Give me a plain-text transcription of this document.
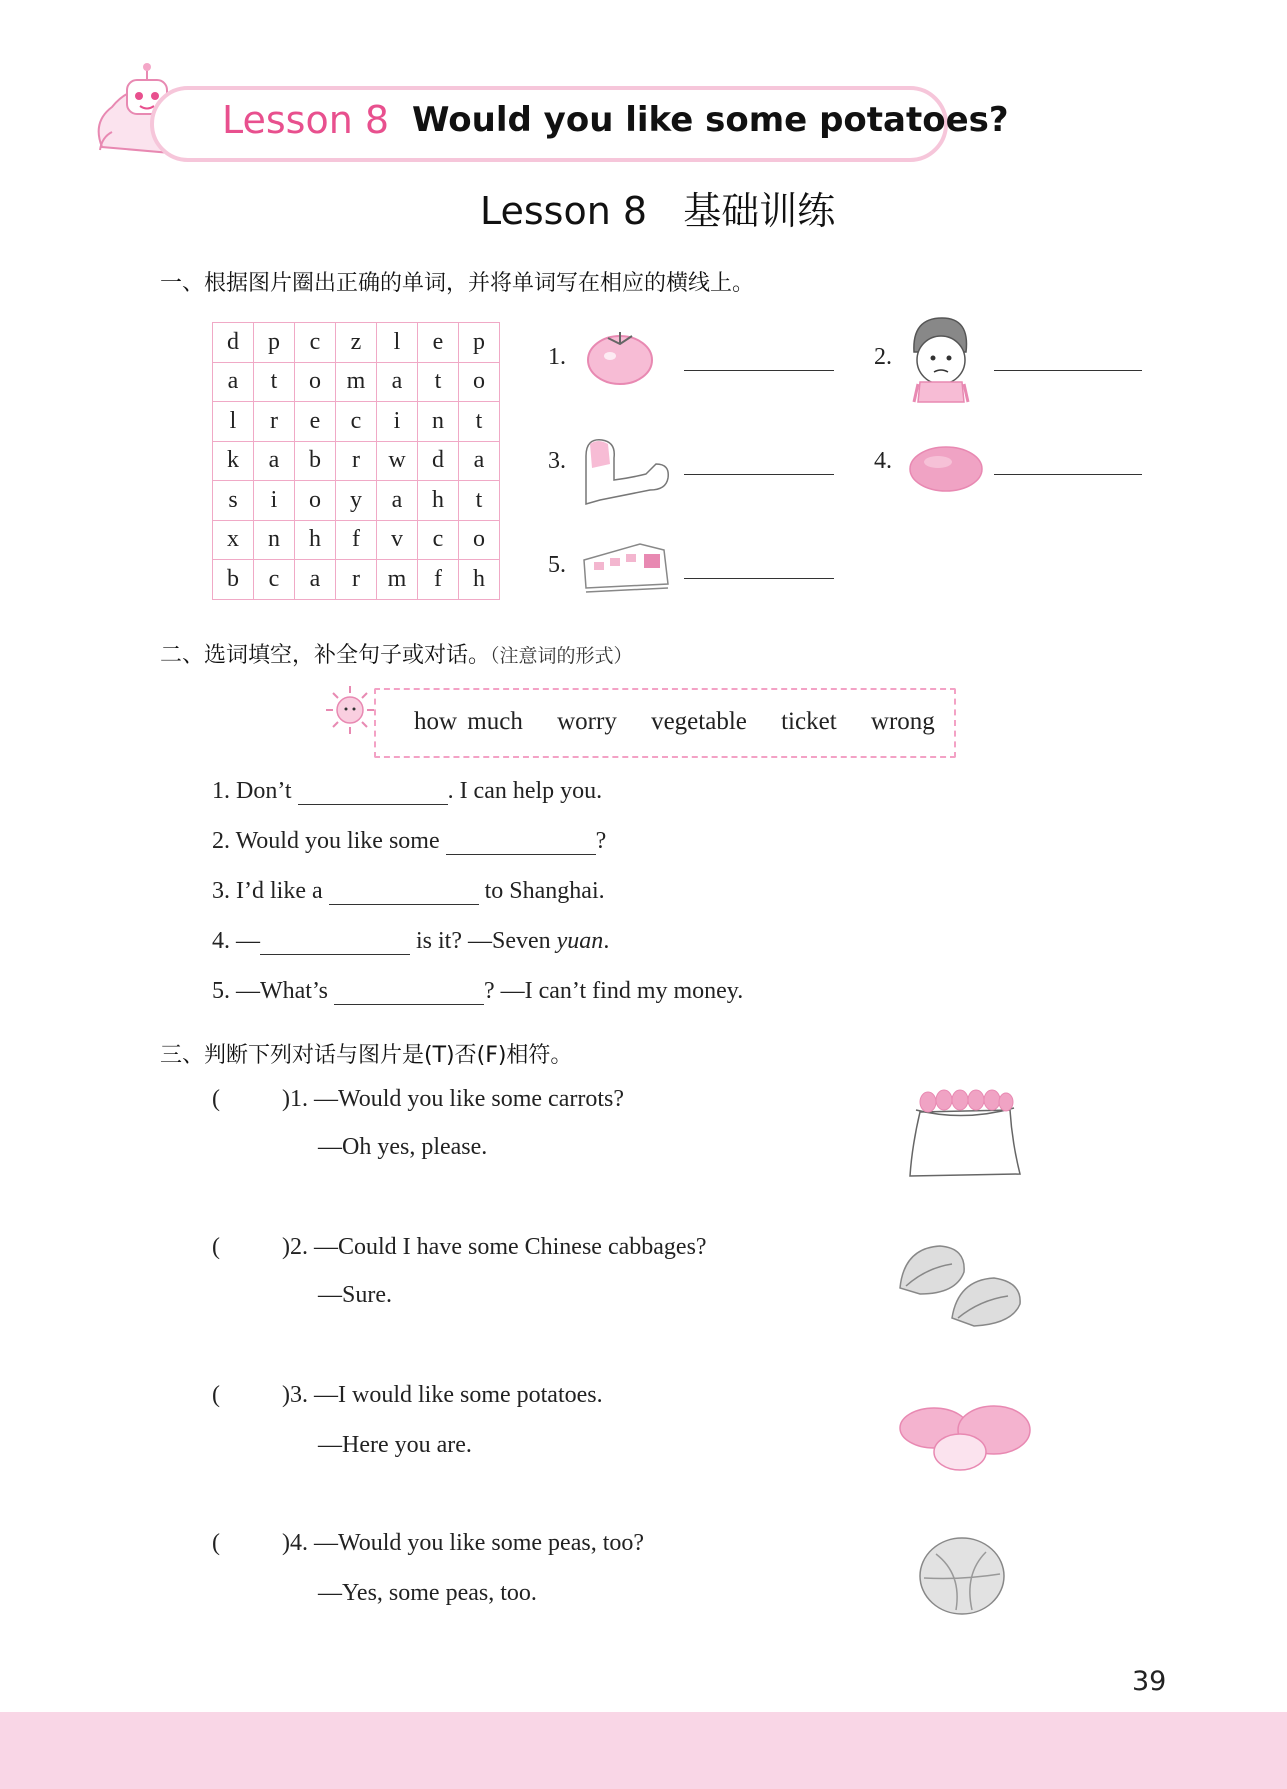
Lesson 8 Would you like some potatoes?
Lesson 8   基础训练
一、根据图片圈出正确的单词，并将单词写在相应的横线上。
d	p	c	z	l	e	p
a	t	o	m	a	t	o
l	r	e	c	i	n	t
k	a	b	r	w	d	a
s	i	o	y	a	h	t
x	n	h	f	v	c	o
b	c	a	r	m	f	h
1.	2.
3.	4.
5.
二、选词填空，补全句子或对话。（注意词的形式）
how much worry vegetable ticket wrong
1. Don’t	. I can help you.
2. Would you like some	?
3. I’d like a	to Shanghai.
4. —	is it? —Seven yuan.
5. —What’s	? —I can’t find my money.
三、判断下列对话与图片是(T)否(F)相符。
(	)1. —Would you like some carrots?
—Oh yes, please.
(	)2. —Could I have some Chinese cabbages?
—Sure.
(	)3. —I would like some potatoes.
—Here you are.
(	)4. —Would you like some peas, too?
—Yes, some peas, too.
39
